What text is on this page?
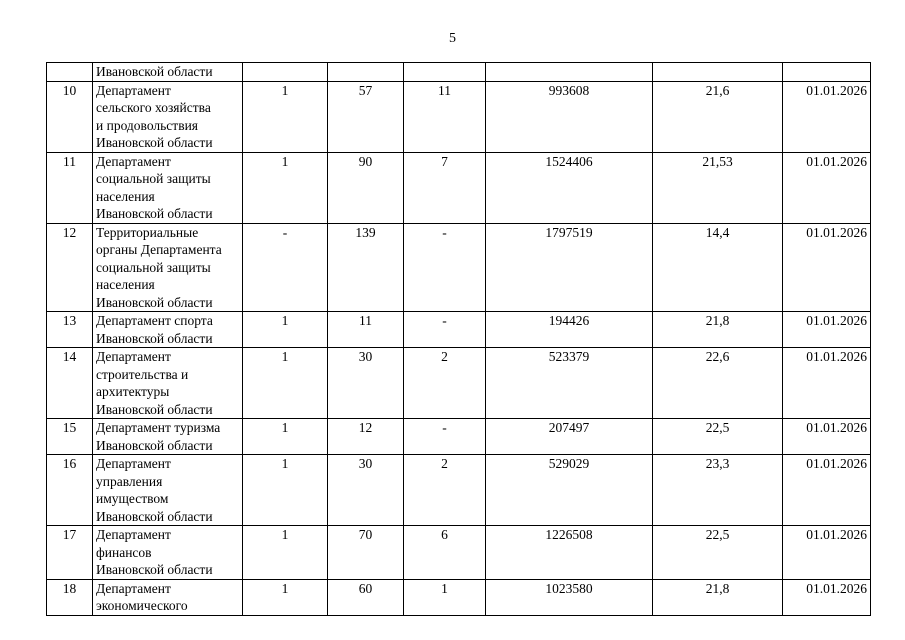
5

	Ивановской области						

10	Департамент
сельского хозяйства
и продовольствия
Ивановской области	1	57	11	993608	21,6	01.01.2026
11	Департамент
социальной защиты
населения
Ивановской области	1	90	7	1524406	21,53	01.01.2026
12	Территориальные
органы Департамента
социальной защиты
населения
Ивановской области	-	139	-	1797519	14,4	01.01.2026
13	Департамент спорта
Ивановской области	1	11	-	194426	21,8	01.01.2026
14	Департамент
строительства и
архитектуры
Ивановской области	1	30	2	523379	22,6	01.01.2026
15	Департамент туризма
Ивановской области	1	12	-	207497	22,5	01.01.2026
16	Департамент
управления
имуществом
Ивановской области	1	30	2	529029	23,3	01.01.2026
17	Департамент
финансов
Ивановской области	1	70	6	1226508	22,5	01.01.2026
18	Департамент
экономического	1	60	1	1023580	21,8	01.01.2026
